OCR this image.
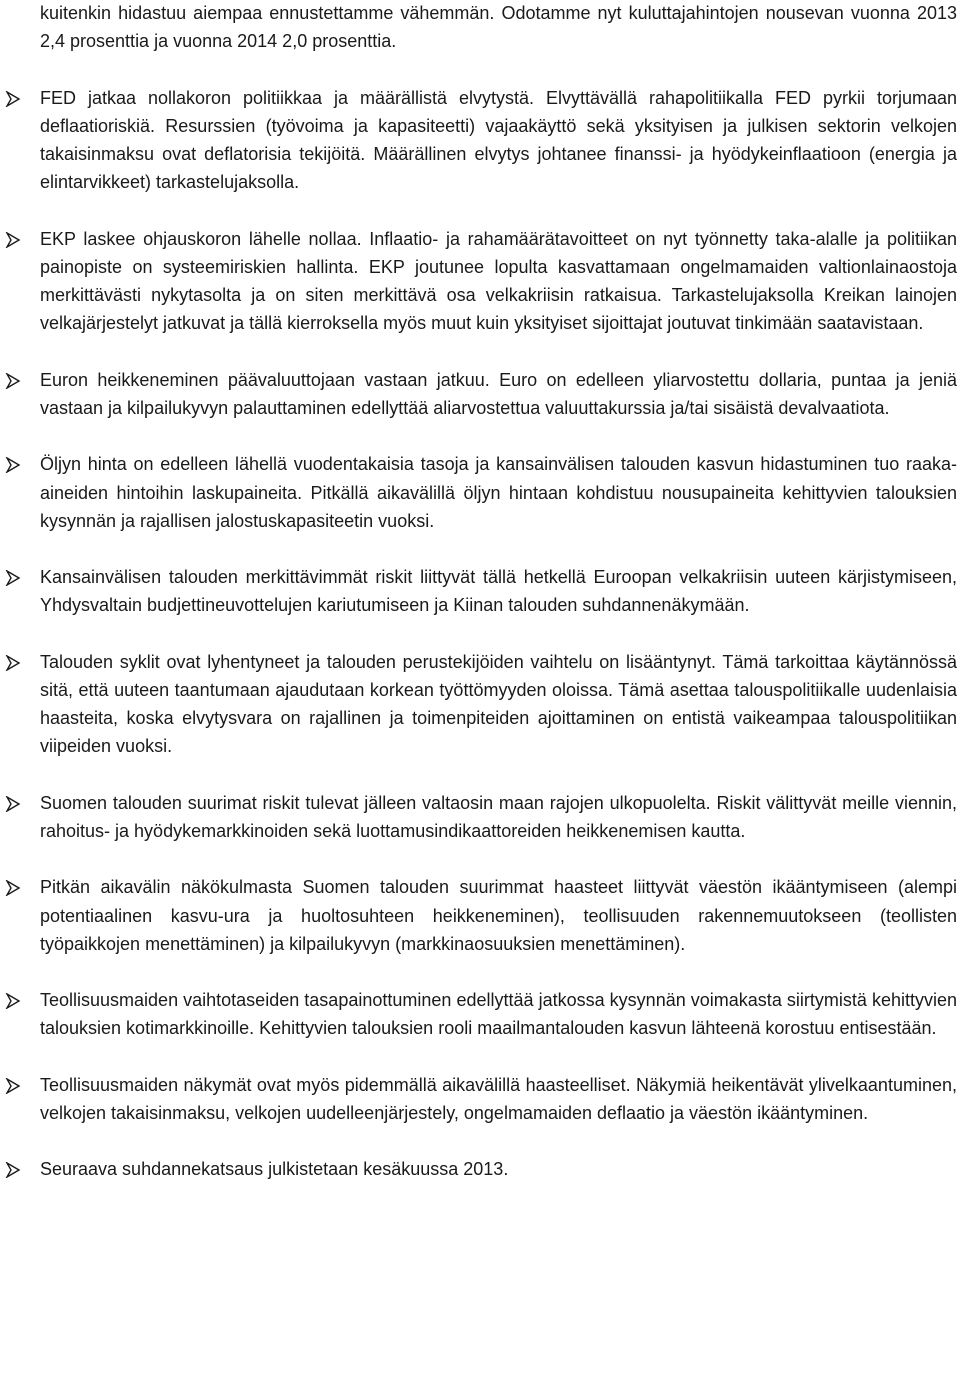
kuitenkin hidastuu aiempaa ennustettamme vähemmän. Odotamme nyt kuluttajahintojen nousevan vuonna 2013 2,4 prosenttia ja vuonna 2014 2,0 prosenttia.

FED jatkaa nollakoron politiikkaa ja määrällistä elvytystä. Elvyttävällä rahapolitiikalla FED pyrkii torjumaan deflaatioriskiä. Resurssien (työvoima ja kapasiteetti) vajaakäyttö sekä yksityisen ja julkisen sektorin velkojen takaisinmaksu ovat deflatorisia tekijöitä. Määrällinen elvytys johtanee finanssi- ja hyödykeinflaatioon (energia ja elintarvikkeet) tarkastelujaksolla.

EKP laskee ohjauskoron lähelle nollaa. Inflaatio- ja rahamäärätavoitteet on nyt työnnetty taka-alalle ja politiikan painopiste on systeemiriskien hallinta. EKP joutunee lopulta kasvattamaan ongelmamaiden valtionlainaostoja merkittävästi nykytasolta ja on siten merkittävä osa velkakriisin ratkaisua. Tarkastelujaksolla Kreikan lainojen velkajärjestelyt jatkuvat ja tällä kierroksella myös muut kuin yksityiset sijoittajat joutuvat tinkimään saatavistaan.

Euron heikkeneminen päävaluuttojaan vastaan jatkuu. Euro on edelleen yliarvostettu dollaria, puntaa ja jeniä vastaan ja kilpailukyvyn palauttaminen edellyttää aliarvostettua valuuttakurssia ja/tai sisäistä devalvaatiota.

Öljyn hinta on edelleen lähellä vuodentakaisia tasoja ja kansainvälisen talouden kasvun hidastuminen tuo raaka-aineiden hintoihin laskupaineita. Pitkällä aikavälillä öljyn hintaan kohdistuu nousupaineita kehittyvien talouksien kysynnän ja rajallisen jalostuskapasiteetin vuoksi.

Kansainvälisen talouden merkittävimmät riskit liittyvät tällä hetkellä Euroopan velkakriisin uuteen kärjistymiseen, Yhdysvaltain budjettineuvottelujen kariutumiseen ja Kiinan talouden suhdannenäkymään.

Talouden syklit ovat lyhentyneet ja talouden perustekijöiden vaihtelu on lisääntynyt. Tämä tarkoittaa käytännössä sitä, että uuteen taantumaan ajaudutaan korkean työttömyyden oloissa. Tämä asettaa talouspolitiikalle uudenlaisia haasteita, koska elvytysvara on rajallinen ja toimenpiteiden ajoittaminen on entistä vaikeampaa talouspolitiikan viipeiden vuoksi.

Suomen talouden suurimat riskit tulevat jälleen valtaosin maan rajojen ulkopuolelta. Riskit välittyvät meille viennin, rahoitus- ja hyödykemarkkinoiden sekä luottamusindikaattoreiden heikkenemisen kautta.

Pitkän aikavälin näkökulmasta Suomen talouden suurimmat haasteet liittyvät väestön ikääntymiseen (alempi potentiaalinen kasvu-ura ja huoltosuhteen heikkeneminen), teollisuuden rakennemuutokseen (teollisten työpaikkojen menettäminen) ja kilpailukyvyn (markkinaosuuksien menettäminen).

Teollisuusmaiden vaihtotaseiden tasapainottuminen edellyttää jatkossa kysynnän voimakasta siirtymistä kehittyvien talouksien kotimarkkinoille. Kehittyvien talouksien rooli maailmantalouden kasvun lähteenä korostuu entisestään.

Teollisuusmaiden näkymät ovat myös pidemmällä aikavälillä haasteelliset. Näkymiä heikentävät ylivelkaantuminen, velkojen takaisinmaksu, velkojen uudelleenjärjestely, ongelmamaiden deflaatio ja väestön ikääntyminen.

Seuraava suhdannekatsaus julkistetaan kesäkuussa 2013.
